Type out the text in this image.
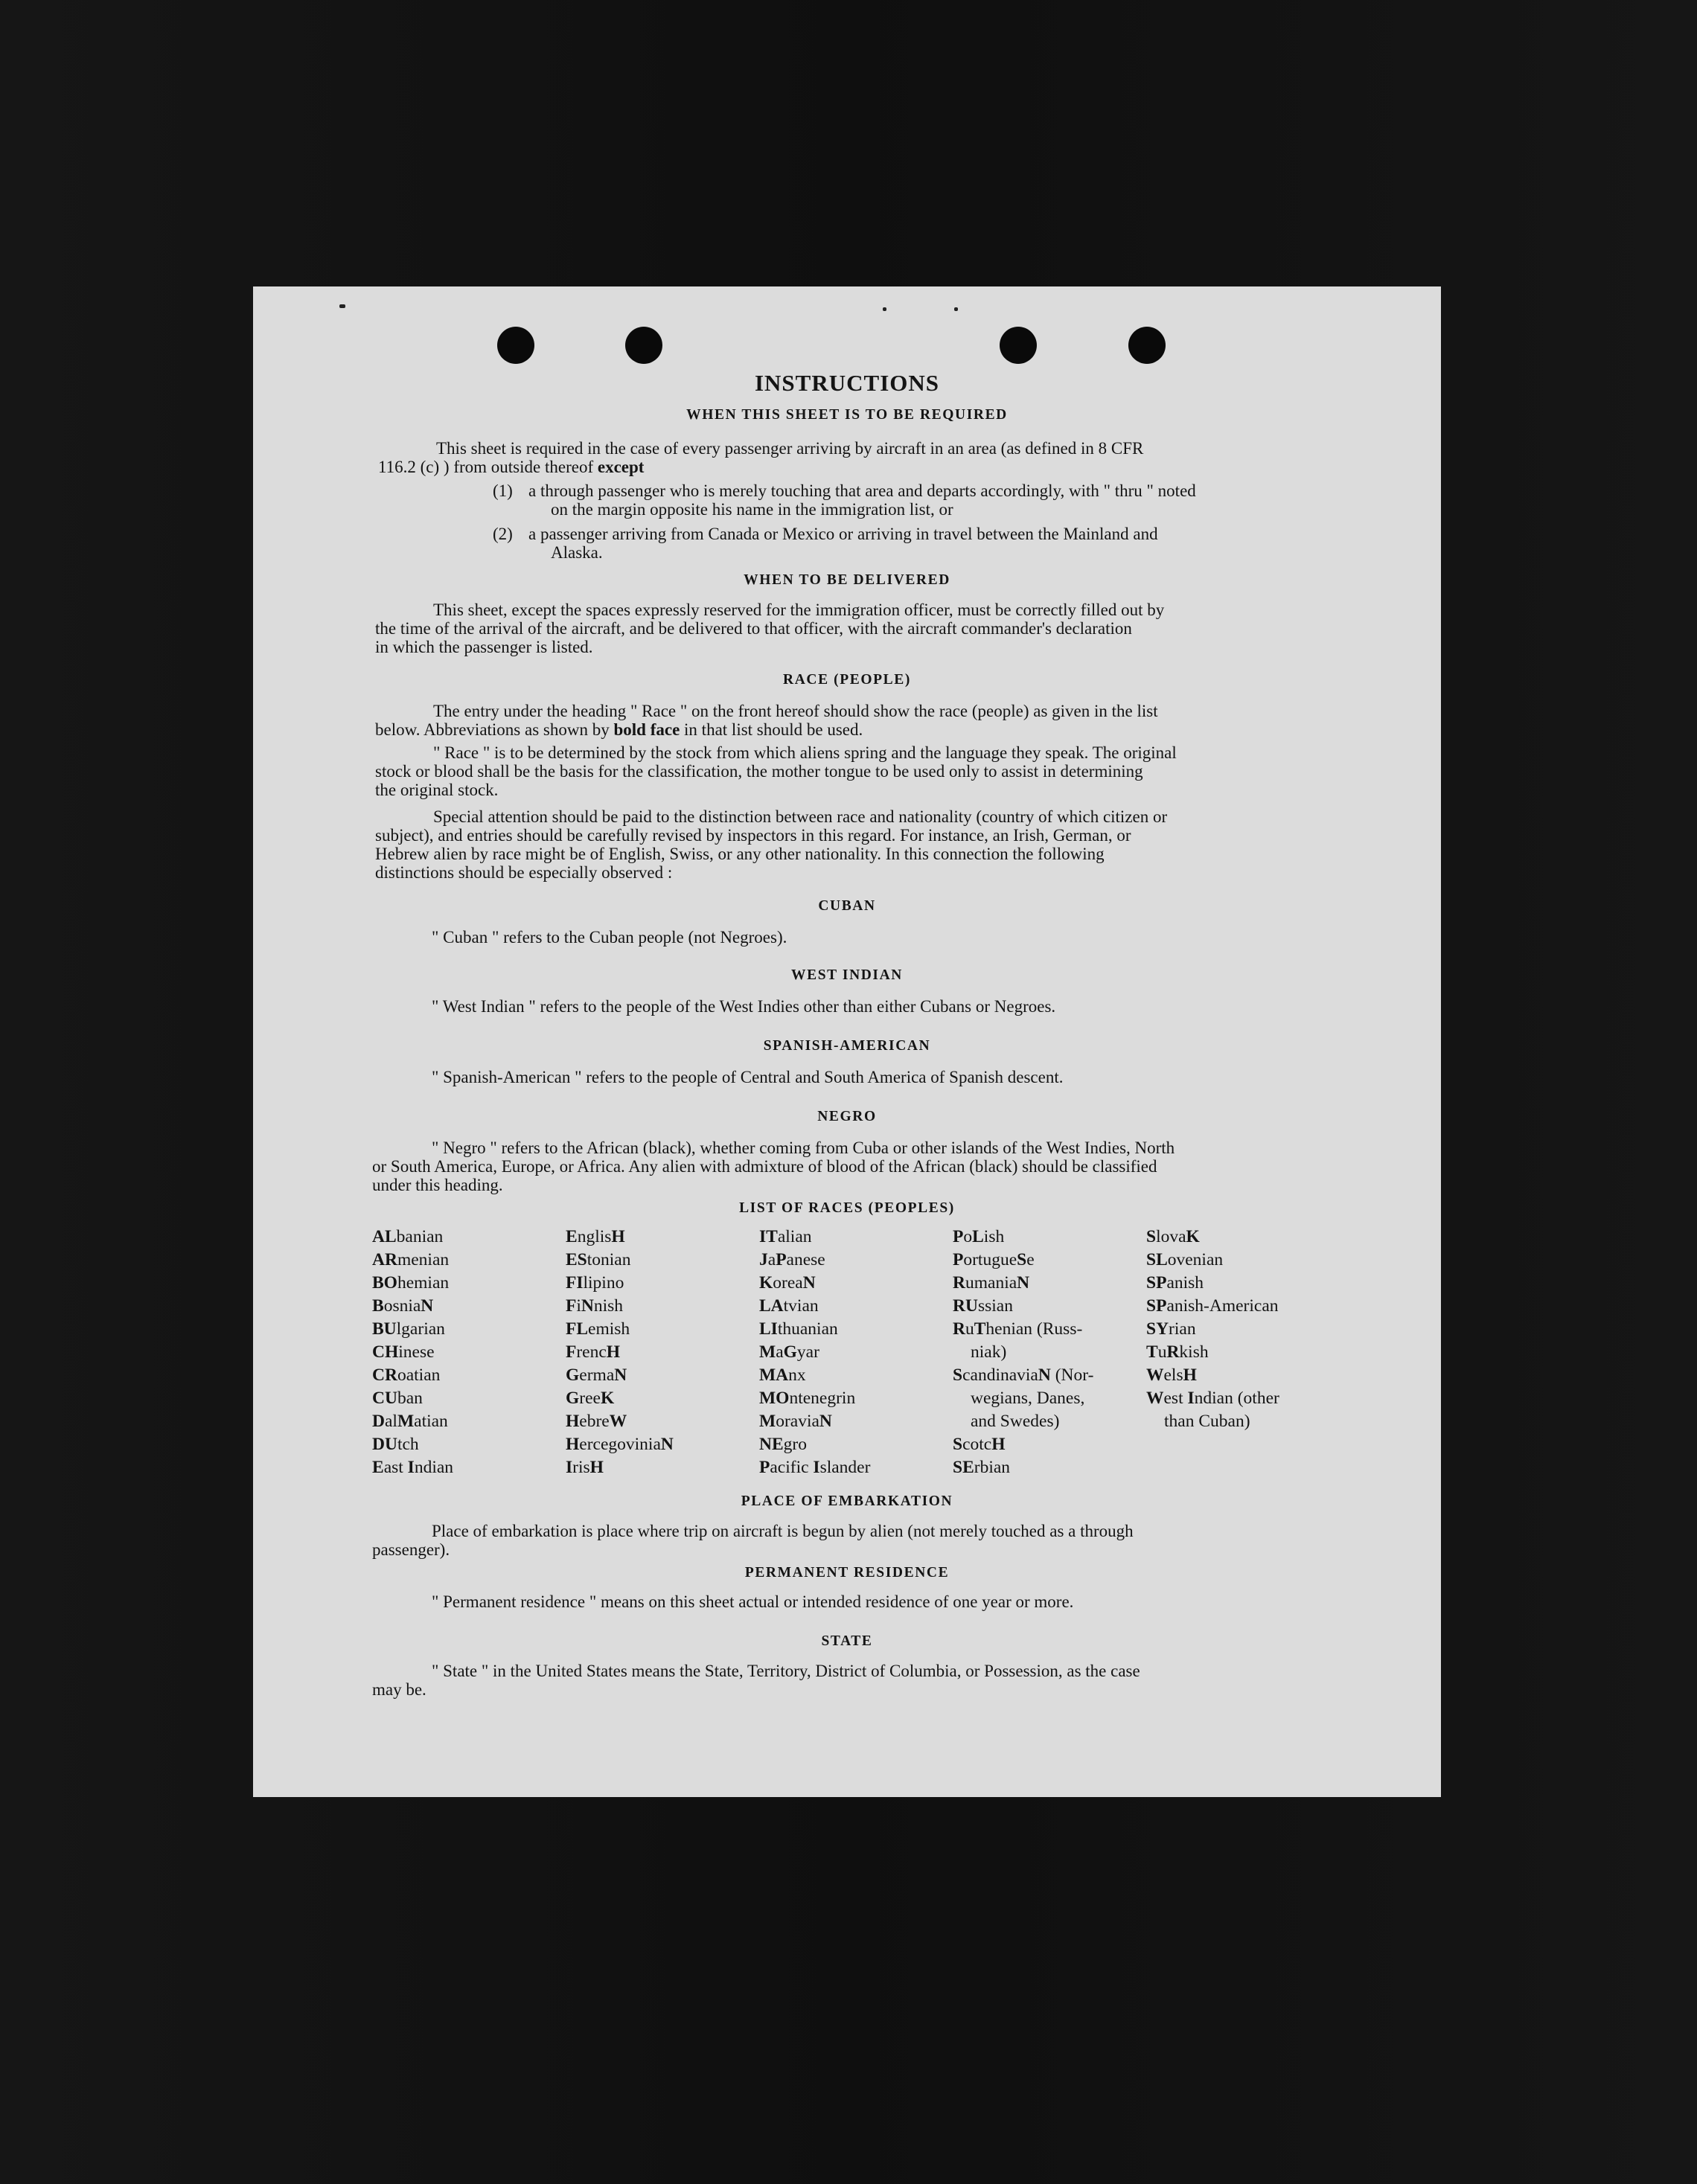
INSTRUCTIONS
WHEN THIS SHEET IS TO BE REQUIRED
This sheet is required in the case of every passenger arriving by aircraft in an area (as defined in 8 CFR
116.2 (c) ) from outside thereof except
(1) a through passenger who is merely touching that area and departs accordingly, with " thru " noted
on the margin opposite his name in the immigration list, or
(2) a passenger arriving from Canada or Mexico or arriving in travel between the Mainland and
Alaska.
WHEN TO BE DELIVERED
This sheet, except the spaces expressly reserved for the immigration officer, must be correctly filled out by
the time of the arrival of the aircraft, and be delivered to that officer, with the aircraft commander's declaration
in which the passenger is listed.
RACE (PEOPLE)
The entry under the heading " Race " on the front hereof should show the race (people) as given in the list
below. Abbreviations as shown by bold face in that list should be used.
" Race " is to be determined by the stock from which aliens spring and the language they speak. The original
stock or blood shall be the basis for the classification, the mother tongue to be used only to assist in determining
the original stock.
Special attention should be paid to the distinction between race and nationality (country of which citizen or
subject), and entries should be carefully revised by inspectors in this regard. For instance, an Irish, German, or
Hebrew alien by race might be of English, Swiss, or any other nationality. In this connection the following
distinctions should be especially observed :
CUBAN
" Cuban " refers to the Cuban people (not Negroes).
WEST INDIAN
" West Indian " refers to the people of the West Indies other than either Cubans or Negroes.
SPANISH-AMERICAN
" Spanish-American " refers to the people of Central and South America of Spanish descent.
NEGRO
" Negro " refers to the African (black), whether coming from Cuba or other islands of the West Indies, North
or South America, Europe, or Africa. Any alien with admixture of blood of the African (black) should be classified
under this heading.
LIST OF RACES (PEOPLES)
ALbanian
ARmenian
BOhemian
BosniaN
BUlgarian
CHinese
CRoatian
CUban
DalMatian
DUtch
East Indian
EnglisH
EStonian
FIlipino
FiNnish
FLemish
FrencH
GermaN
GreeK
HebreW
HercegoviniaN
IrisH
ITalian
JaPanese
KoreaN
LAtvian
LIthuanian
MaGyar
MAnx
MOntenegrin
MoraviaN
NEgro
Pacific Islander
PoLish
PortugueSe
RumaniaN
RUssian
RuThenian (Russ-
niak)
ScandinaviaN (Nor-
wegians, Danes,
and Swedes)
ScotcH
SErbian
SlovaK
SLovenian
SPanish
SPanish-American
SYrian
TuRkish
WelsH
West Indian (other
than Cuban)
PLACE OF EMBARKATION
Place of embarkation is place where trip on aircraft is begun by alien (not merely touched as a through
passenger).
PERMANENT RESIDENCE
" Permanent residence " means on this sheet actual or intended residence of one year or more.
STATE
" State " in the United States means the State, Territory, District of Columbia, or Possession, as the case
may be.
